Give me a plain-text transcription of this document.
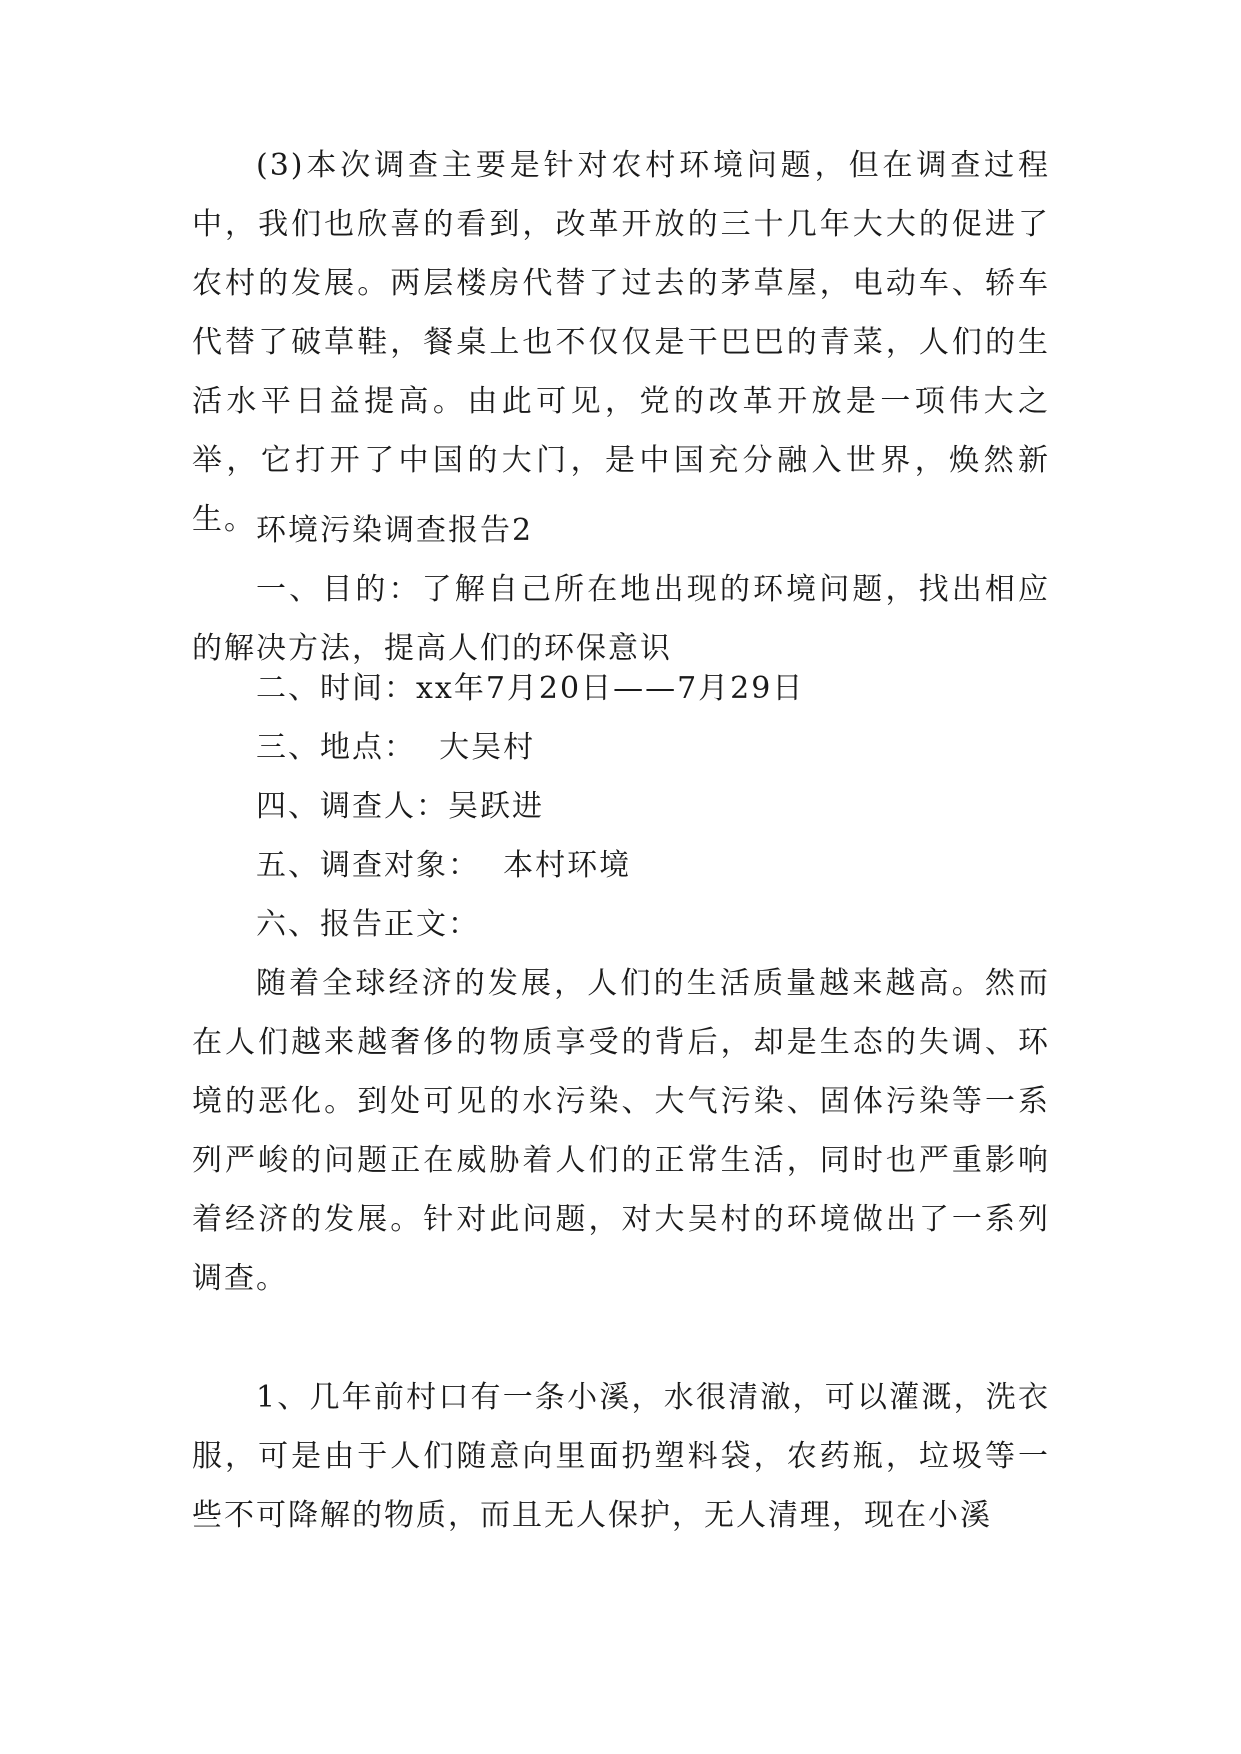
(3)本次调查主要是针对农村环境问题，但在调查过程中，我们也欣喜的看到，改革开放的三十几年大大的促进了农村的发展。两层楼房代替了过去的茅草屋，电动车、轿车代替了破草鞋，餐桌上也不仅仅是干巴巴的青菜，人们的生活水平日益提高。由此可见，党的改革开放是一项伟大之举，它打开了中国的大门，是中国充分融入世界，焕然新生。 环境污染调查报告2

一、目的：了解自己所在地出现的环境问题，找出相应的解决方法，提高人们的环保意识

二、时间：xx年7月20日——7月29日

三、地点：  大吴村

四、调查人：吴跃进

五、调查对象：  本村环境

六、报告正文：

随着全球经济的发展，人们的生活质量越来越高。然而在人们越来越奢侈的物质享受的背后，却是生态的失调、环境的恶化。到处可见的水污染、大气污染、固体污染等一系列严峻的问题正在威胁着人们的正常生活，同时也严重影响着经济的发展。针对此问题，对大吴村的环境做出了一系列调查。

1、几年前村口有一条小溪，水很清澈，可以灌溉，洗衣服，可是由于人们随意向里面扔塑料袋，农药瓶，垃圾等一些不可降解的物质，而且无人保护，无人清理，现在小溪
